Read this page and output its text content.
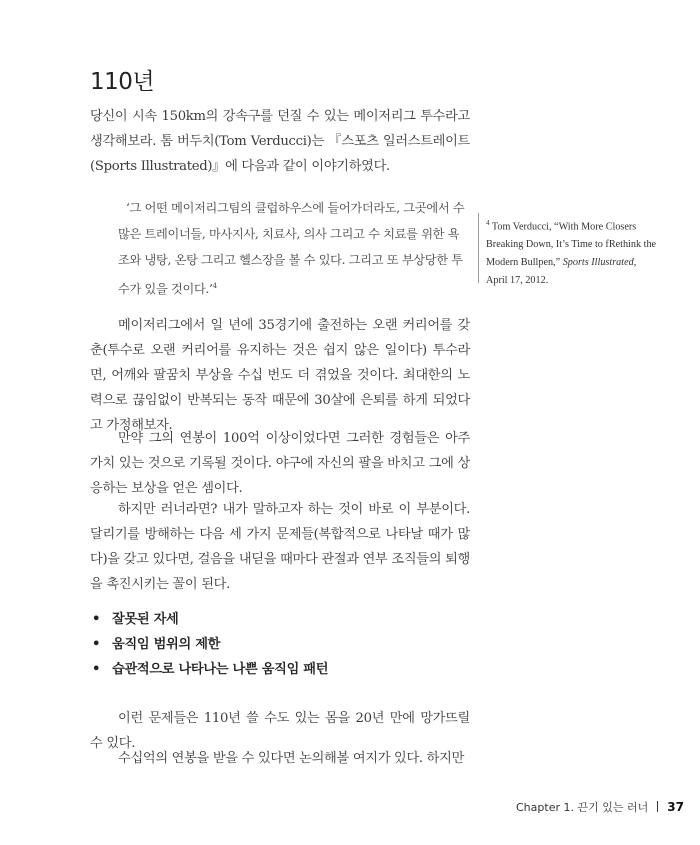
110년

당신이 시속 150km의 강속구를 던질 수 있는 메이저리그 투수라고 생각해보라. 톰 버두치(Tom Verducci)는 『스포츠 일러스트레이트(Sports Illustrated)』에 다음과 같이 이야기하였다.

‘그 어떤 메이저리그팀의 클럽하우스에 들어가더라도, 그곳에서 수많은 트레이너들, 마사지사, 치료사, 의사 그리고 수 치료를 위한 욕조와 냉탕, 온탕 그리고 헬스장을 볼 수 있다. 그리고 또 부상당한 투수가 있을 것이다.’$^4$

$^4$ Tom Verducci, “With More Closers Breaking Down, It’s Time to fRethink the Modern Bullpen,” Sports Illustrated,
April 17, 2012.

메이저리그에서 일 년에 35경기에 출전하는 오랜 커리어를 갖춘(투수로 오랜 커리어를 유지하는 것은 쉽지 않은 일이다) 투수라면, 어깨와 팔꿈치 부상을 수십 번도 더 겪었을 것이다. 최대한의 노력으로 끊임없이 반복되는 동작 때문에 30살에 은퇴를 하게 되었다고 가정해보자.

만약 그의 연봉이 100억 이상이었다면 그러한 경험들은 아주 가치 있는 것으로 기록될 것이다. 야구에 자신의 팔을 바치고 그에 상응하는 보상을 얻은 셈이다.

하지만 러너라면? 내가 말하고자 하는 것이 바로 이 부분이다. 달리기를 방해하는 다음 세 가지 문제들(복합적으로 나타날 때가 많다)을 갖고 있다면, 걸음을 내딛을 때마다 관절과 연부 조직들의 퇴행을 촉진시키는 꼴이 된다.

• 잘못된 자세
• 움직임 범위의 제한
• 습관적으로 나타나는 나쁜 움직임 패턴

이런 문제들은 110년 쓸 수도 있는 몸을 20년 만에 망가뜨릴 수 있다.

수십억의 연봉을 받을 수 있다면 논의해볼 여지가 있다. 하지만

Chapter 1. 끈기 있는 러너 37
